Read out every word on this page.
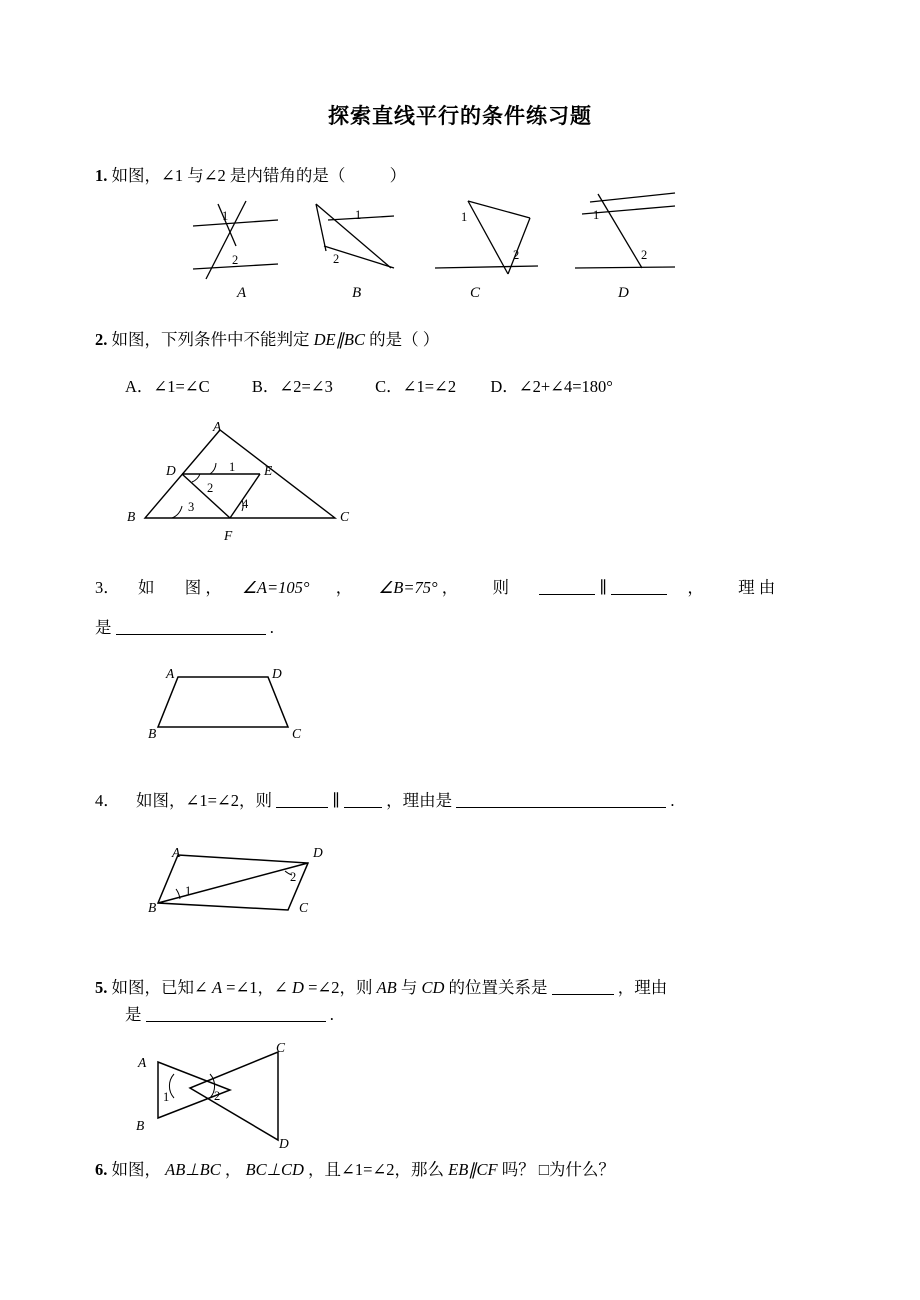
探索直线平行的条件练习题
1. 如图，∠1 与∠2 是内错角的是（	）
1
2
A
1
2
B
1
2
C
1
2
D
2. 如图，下列条件中不能判定 DE∥BC 的是（ ）
A．∠1=∠C	B．∠2=∠3	C．∠1=∠2 D．∠2+∠4=180°
A
D	E
B	C
F
1
2
3	4
3． 如 图 ， ∠A=105° ， ∠B=75° ， 则	∥	， 理 由
是	.
A	D
B	C
4． 如图，∠1=∠2，则	∥	，理由是	.
A	D
B	C
1
2
5. 如图，已知∠ A =∠1，∠ D =∠2，则 AB 与 CD 的位置关系是	，理由
是	.
C
A
B
D
1	2
6. 如图， AB⊥BC ， BC⊥CD ，且∠1=∠2，那么 EB∥CF 吗？ □为什么？
